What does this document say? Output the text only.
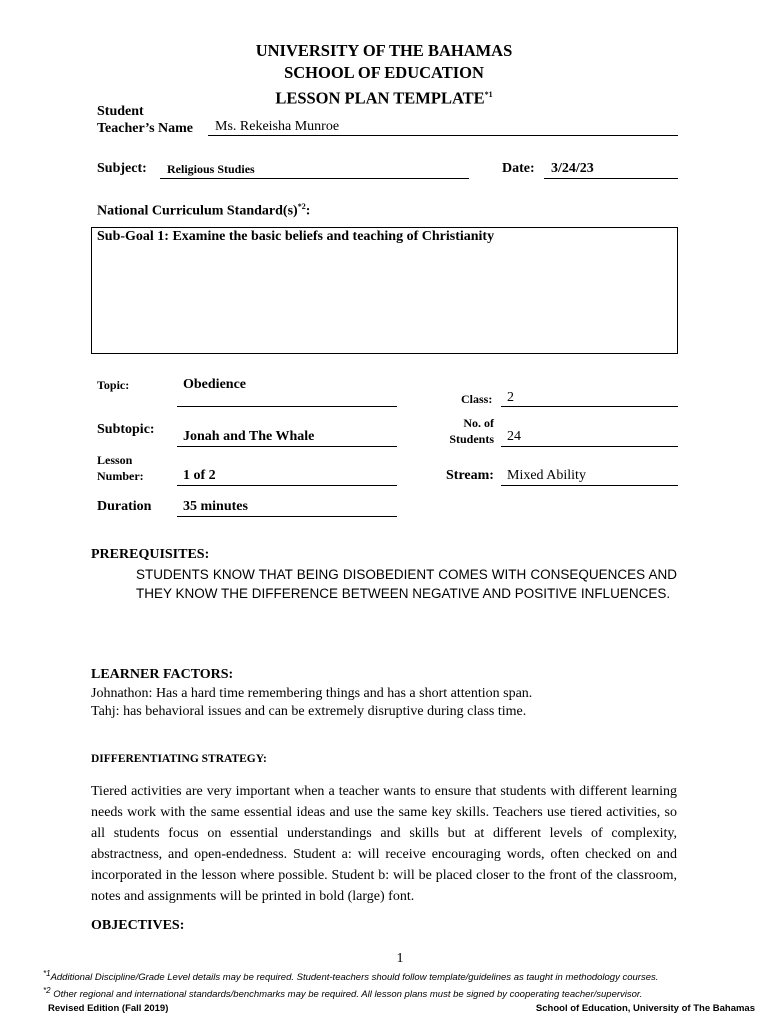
UNIVERSITY OF THE BAHAMAS
SCHOOL OF EDUCATION
LESSON PLAN TEMPLATE$^{*1}$
Student
Teacher’s Name Ms. Rekeisha Munroe
Subject: Religious Studies	Date: 3/24/23
National Curriculum $Standard(s)^{*2}$:
Sub-Goal 1: Examine the basic beliefs and teaching of Christianity
Topic:	Obedience
Class: 2
Subtopic: Jonah and The Whale
No. of
Students 24
Lesson
Number:	1 of 2	Stream: Mixed Ability
Duration 35 minutes
PREREQUISITES:
STUDENTS KNOW THAT BEING DISOBEDIENT COMES WITH CONSEQUENCES AND THEY KNOW THE DIFFERENCE BETWEEN NEGATIVE AND POSITIVE INFLUENCES.
LEARNER FACTORS:
Johnathon: Has a hard time remembering things and has a short attention span.
Tahj: has behavioral issues and can be extremely disruptive during class time.
DIFFERENTIATING STRATEGY:
Tiered activities are very important when a teacher wants to ensure that students with different learning needs work with the same essential ideas and use the same key skills. Teachers use tiered activities, so all students focus on essential understandings and skills but at different levels of complexity, abstractness, and open-endedness. Student a: will receive encouraging words, often checked on and incorporated in the lesson where possible. Student b: will be placed closer to the front of the classroom, notes and assignments will be printed in bold (large) font.
OBJECTIVES:
1
$^{*1}$Additional Discipline/Grade Level details may be required. Student-teachers should follow template/guidelines as taught in methodology courses.
$^{*2}$ Other regional and international standards/benchmarks may be required. All lesson plans must be signed by cooperating teacher/supervisor.
Revised Edition (Fall 2019)	School of Education, University of The Bahamas
